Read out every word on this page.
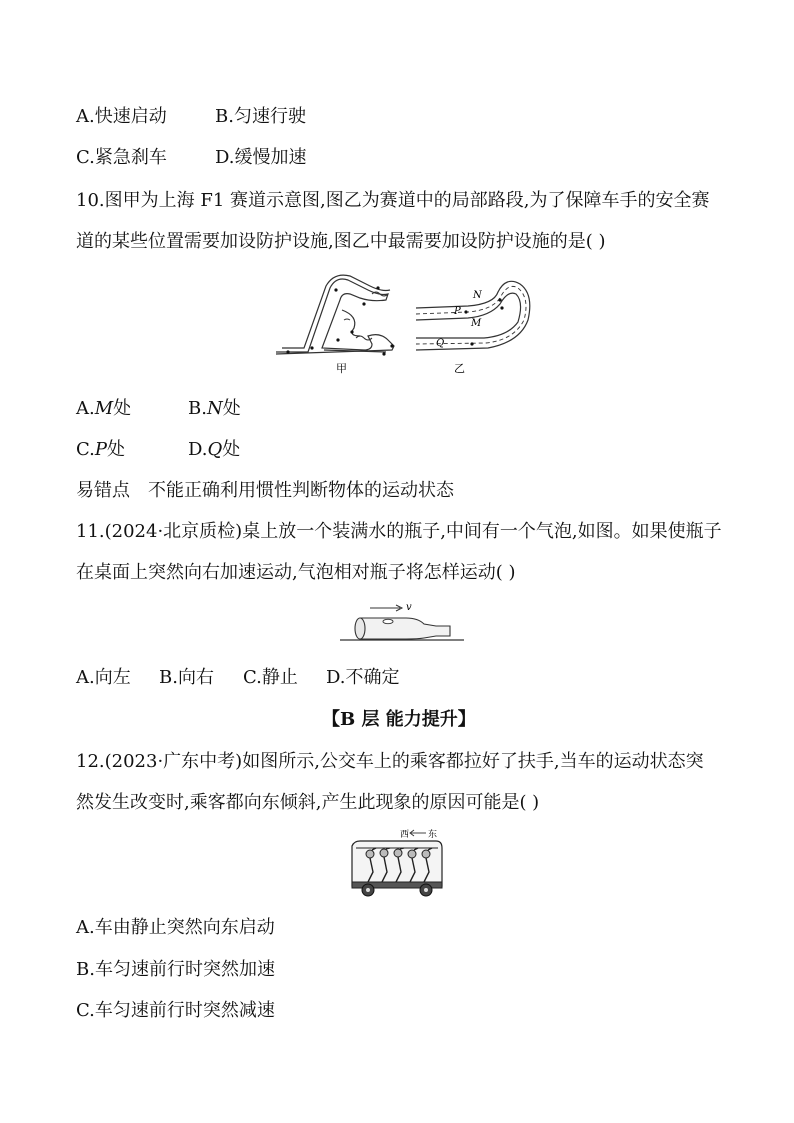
A.快速启动	B.匀速行驶
C.紧急刹车	D.缓慢加速
10.图甲为上海 F1 赛道示意图,图乙为赛道中的局部路段,为了保障车手的安全赛
道的某些位置需要加设防护设施,图乙中最需要加设防护设施的是( )
甲
N
P
M
Q
乙
A.M处	B.N处
C.P处	D.Q处
易错点　不能正确利用惯性判断物体的运动状态
11.(2024·北京质检)桌上放一个装满水的瓶子,中间有一个气泡,如图。如果使瓶子
在桌面上突然向右加速运动,气泡相对瓶子将怎样运动( )
v
A.向左 B.向右 C.静止 D.不确定
【B 层 能力提升】
12.(2023·广东中考)如图所示,公交车上的乘客都拉好了扶手,当车的运动状态突
然发生改变时,乘客都向东倾斜,产生此现象的原因可能是( )
西 东
A.车由静止突然向东启动
B.车匀速前行时突然加速
C.车匀速前行时突然减速
